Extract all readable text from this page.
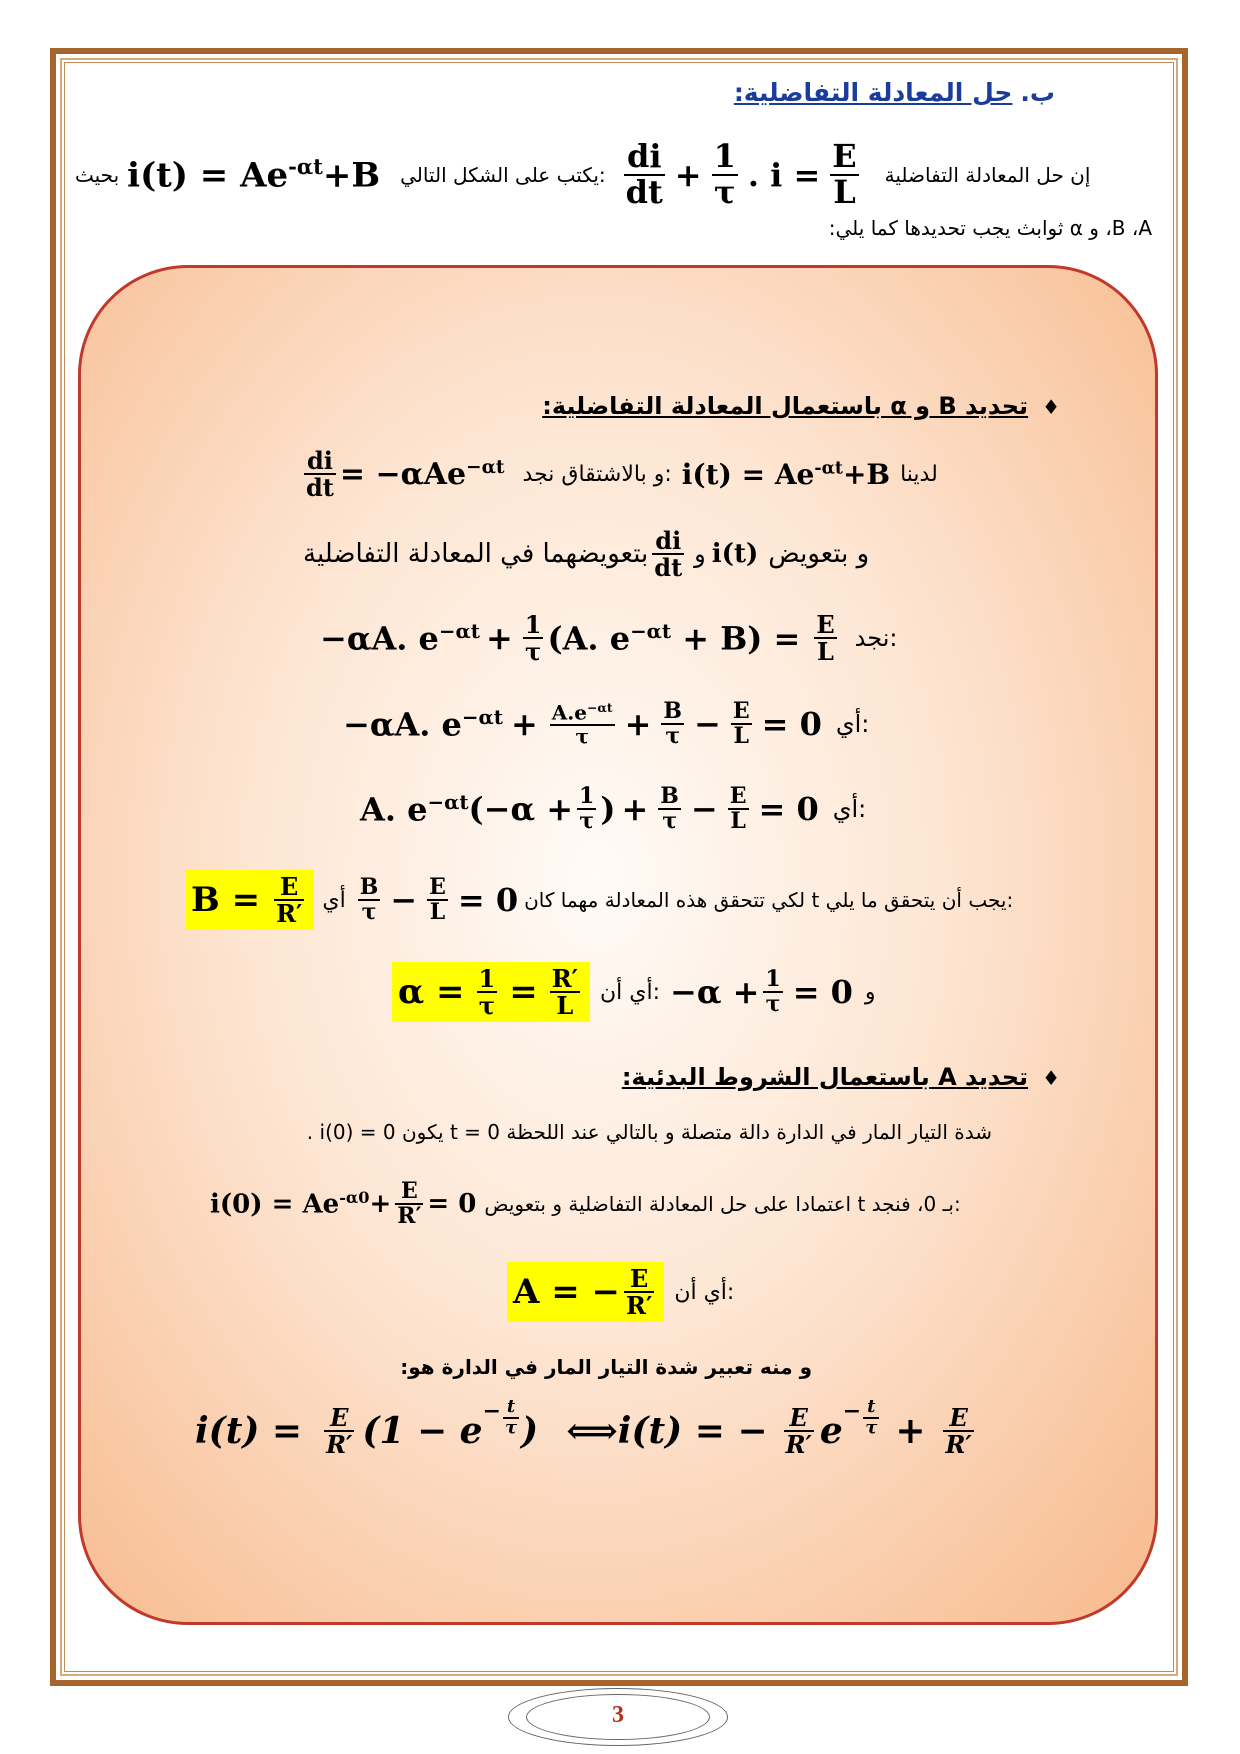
ب. حل المعادلة التفاضلية:
بحيث $i(t) = Ae^{-\alpha t}+B$ يكتب على الشكل التالي: $\frac{di}{dt} + \frac{1}{\tau}$ . $i = \frac{E}{L}$ إن حل المعادلة التفاضلية
B ،A، و α ثوابث يجب تحديدها كما يلي:
♦تحديد B و α باستعمال المعادلة التفاضلية:
$\frac{di}{dt} = -\alpha Ae^{-\alpha t}$ و بالاشتقاق نجد: $i(t) = Ae^{-\alpha t}+B$ لدينا
بتعويضهما في المعادلة التفاضلية $\frac{di}{dt}$ و i(t) و بتعويض
−αA. $e^{-\alpha t} + \frac{1}{\tau} (A$. $e^{-\alpha t} + B) = \frac{E}{L}$ نجد:
−αA. $e^{-\alpha t} + \frac{A.e^{-\alpha t}}{\tau} + \frac{B}{\tau} - \frac{E}{L} = 0$ أي:
A. $e^{-\alpha t}$ ($-\alpha + \frac{1}{\tau}$ ) + $\frac{B}{\tau} - \frac{E}{L} = 0$ أي:
$B = \frac{E}{R'}$ أي $\frac{B}{\tau} - \frac{E}{L} = 0$ لكي تتحقق هذه المعادلة مهما كان t يجب أن يتحقق ما يلي:
$\alpha = \frac{1}{\tau} = \frac{R'}{L}$ أي أن: $-\alpha + \frac{1}{\tau} = 0$ و
♦تحديد A باستعمال الشروط البدئية:
شدة التيار المار في الدارة دالة متصلة و بالتالي عند اللحظة t = 0 يكون i(0) = 0 .
$i(0) = Ae^{-\alpha 0} + \frac{E}{R'} = 0$ اعتمادا على حل المعادلة التفاضلية و بتعويض t بـ 0، فنجد:
A = − $\frac{E}{R'}$ أي أن:
و منه تعبير شدة التيار المار في الدارة هو:
$i(t) = \frac{E}{R'} (1 - e - \frac{t}{\tau}$ ) ⟺i(t) = − $\frac{E}{R'}$ $e - \frac{t}{\tau} + \frac{E}{R'}$
3
